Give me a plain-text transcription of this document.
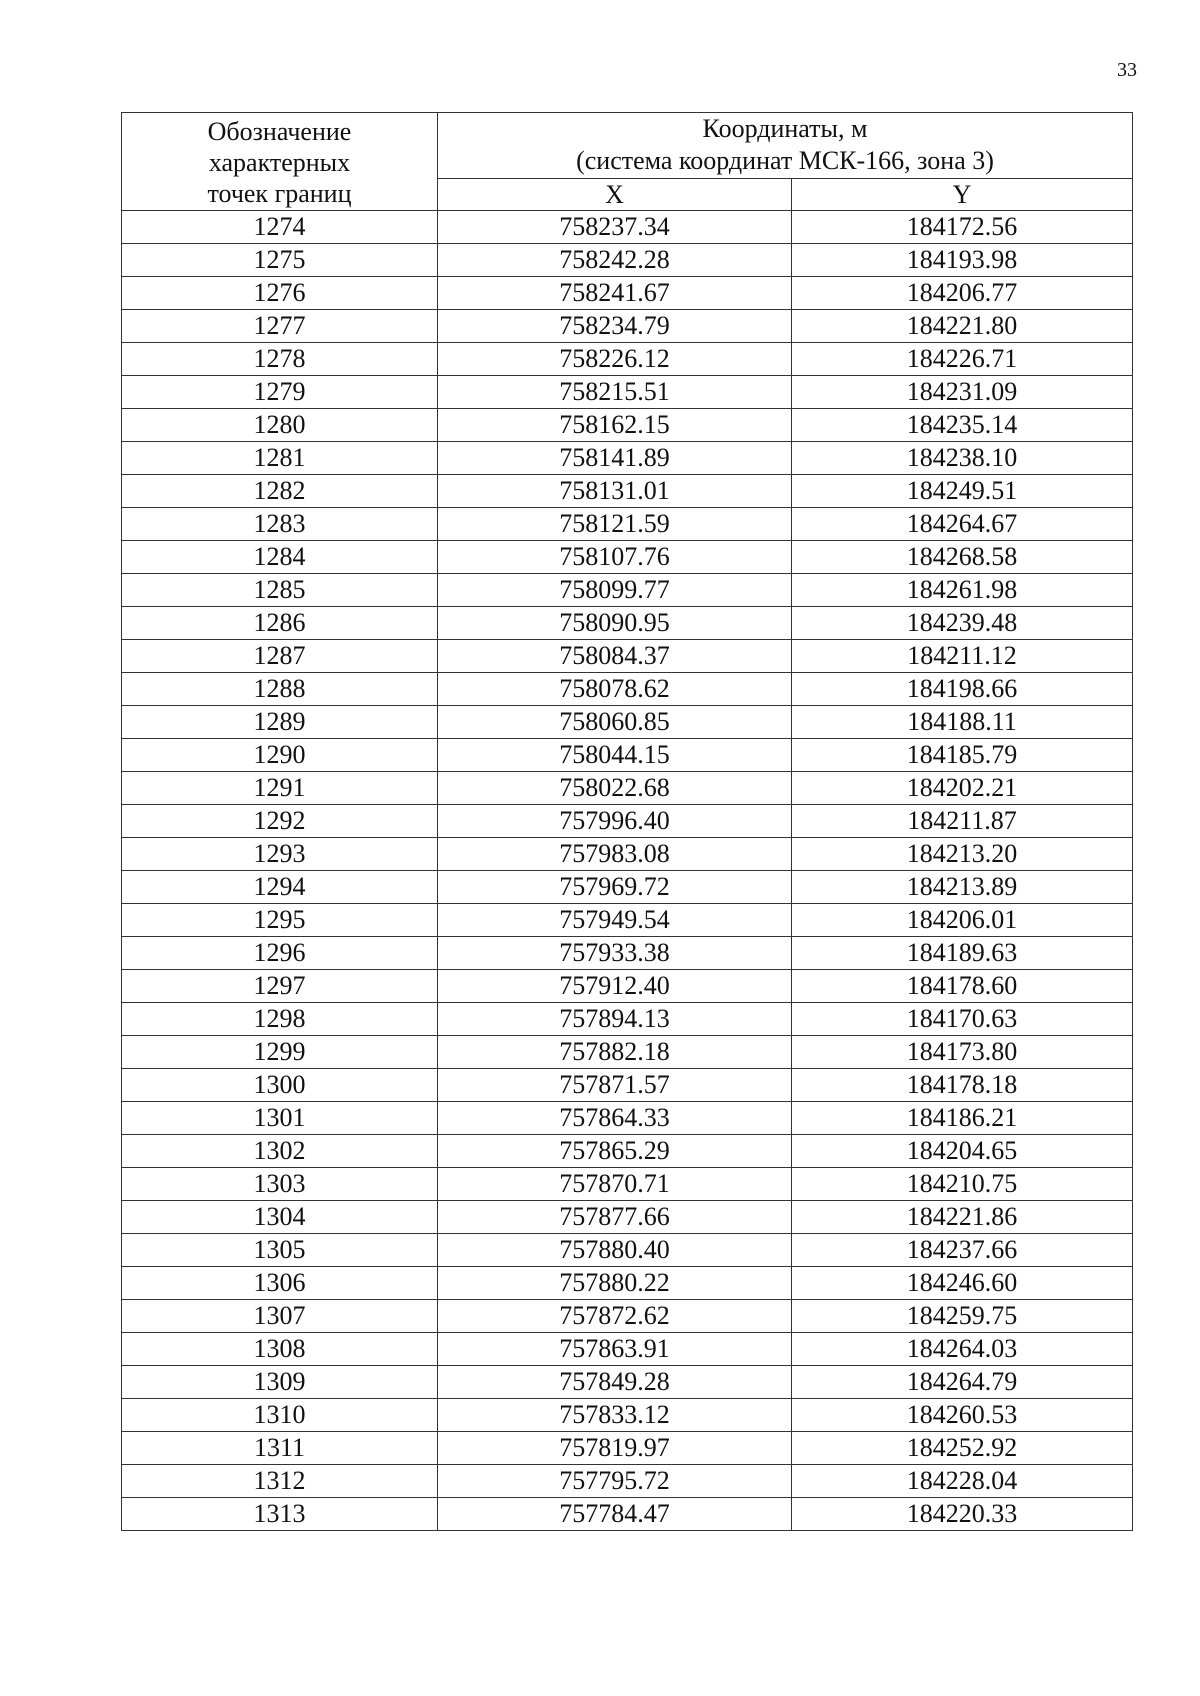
33
Обозначение
характерных
точек границ	Координаты, м
(система координат МСК-166, зона 3)	

	X	Y
1274	758237.34	184172.56
1275	758242.28	184193.98
1276	758241.67	184206.77
1277	758234.79	184221.80
1278	758226.12	184226.71
1279	758215.51	184231.09
1280	758162.15	184235.14
1281	758141.89	184238.10
1282	758131.01	184249.51
1283	758121.59	184264.67
1284	758107.76	184268.58
1285	758099.77	184261.98
1286	758090.95	184239.48
1287	758084.37	184211.12
1288	758078.62	184198.66
1289	758060.85	184188.11
1290	758044.15	184185.79
1291	758022.68	184202.21
1292	757996.40	184211.87
1293	757983.08	184213.20
1294	757969.72	184213.89
1295	757949.54	184206.01
1296	757933.38	184189.63
1297	757912.40	184178.60
1298	757894.13	184170.63
1299	757882.18	184173.80
1300	757871.57	184178.18
1301	757864.33	184186.21
1302	757865.29	184204.65
1303	757870.71	184210.75
1304	757877.66	184221.86
1305	757880.40	184237.66
1306	757880.22	184246.60
1307	757872.62	184259.75
1308	757863.91	184264.03
1309	757849.28	184264.79
1310	757833.12	184260.53
1311	757819.97	184252.92
1312	757795.72	184228.04
1313	757784.47	184220.33
